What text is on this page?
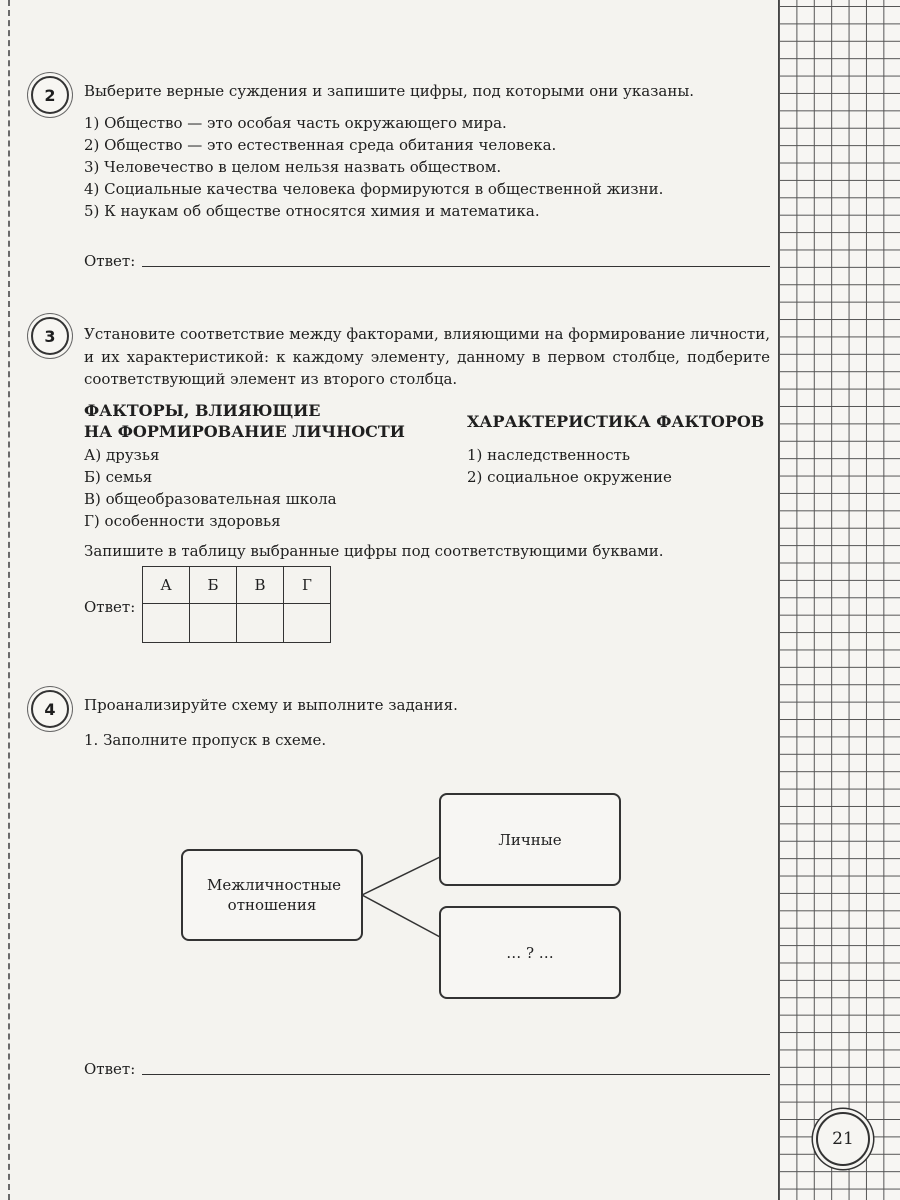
2	Выберите верные суждения и запишите цифры, под которыми они указаны.
1) Общество — это особая часть окружающего мира.
2) Общество — это естественная среда обитания человека.
3) Человечество в целом нельзя назвать обществом.
4) Социальные качества человека формируются в общественной жизни.
5) К наукам об обществе относятся химия и математика.
Ответ:
3	Установите соответствие между факторами, влияющими на формирование личности, и их характеристикой: к каждому элементу, данному в первом столбце, подберите соответствующий элемент из второго столбца.
ФАКТОРЫ, ВЛИЯЮЩИЕ
НА ФОРМИРОВАНИЕ ЛИЧНОСТИ
ХАРАКТЕРИСТИКА ФАКТОРОВ
А) друзья
Б) семья
В) общеобразовательная школа
Г) особенности здоровья
1) наследственность
2) социальное окружение
Запишите в таблицу выбранные цифры под соответствующими буквами.
Ответ:
А	Б	В	Г

4	Проанализируйте схему и выполните задания.
1. Заполните пропуск в схеме.
Межличностные отношения
Личные
… ? …
Ответ:
21
